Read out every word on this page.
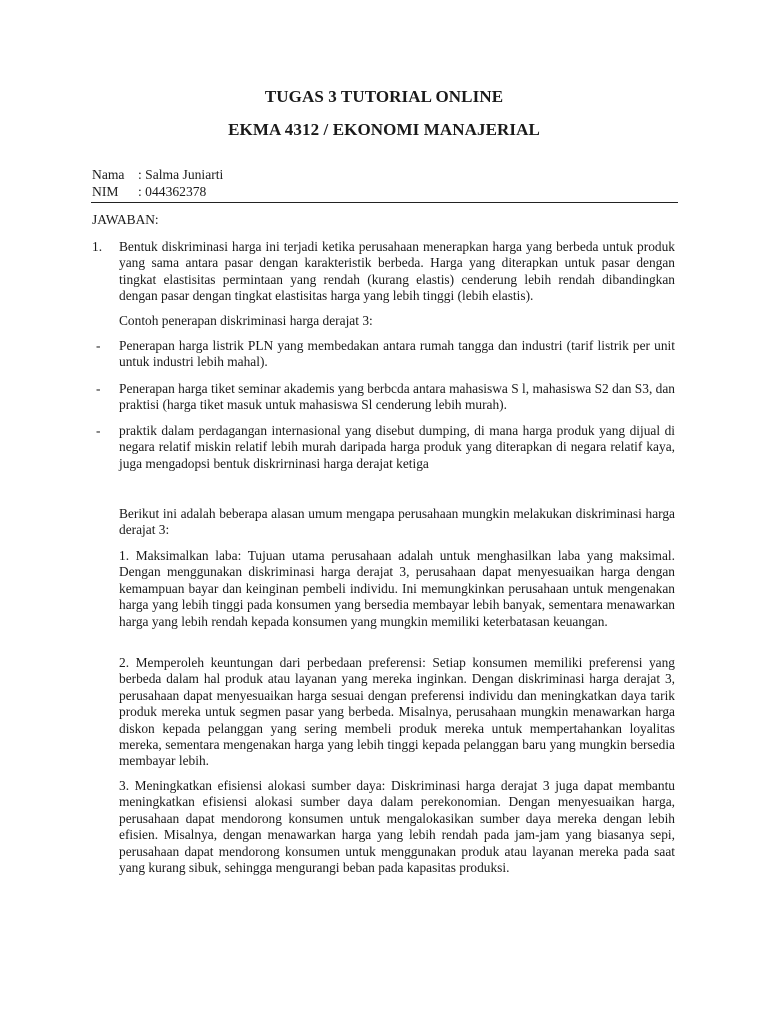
TUGAS 3 TUTORIAL ONLINE
EKMA 4312 / EKONOMI MANAJERIAL
Nama : Salma Juniarti
NIM : 044362378
JAWABAN:
1. Bentuk diskriminasi harga ini terjadi ketika perusahaan menerapkan harga yang berbeda untuk produk yang sama antara pasar dengan karakteristik berbeda. Harga yang diterapkan untuk pasar dengan tingkat elastisitas permintaan yang rendah (kurang elastis) cenderung lebih rendah dibandingkan dengan pasar dengan tingkat elastisitas harga yang lebih tinggi (lebih elastis).
Contoh penerapan diskriminasi harga derajat 3:
- Penerapan harga listrik PLN yang membedakan antara rumah tangga dan industri (tarif listrik per unit untuk industri lebih mahal).
- Penerapan harga tiket seminar akademis yang berbcda antara mahasiswa S l, mahasiswa S2 dan S3, dan praktisi (harga tiket masuk untuk mahasiswa Sl cenderung lebih murah).
- praktik dalam perdagangan internasional yang disebut dumping, di mana harga produk yang dijual di negara relatif miskin relatif lebih murah daripada harga produk yang diterapkan di negara relatif kaya, juga mengadopsi bentuk diskrirninasi harga derajat ketiga
Berikut ini adalah beberapa alasan umum mengapa perusahaan mungkin melakukan diskriminasi harga derajat 3:
1. Maksimalkan laba: Tujuan utama perusahaan adalah untuk menghasilkan laba yang maksimal. Dengan menggunakan diskriminasi harga derajat 3, perusahaan dapat menyesuaikan harga dengan kemampuan bayar dan keinginan pembeli individu. Ini memungkinkan perusahaan untuk mengenakan harga yang lebih tinggi pada konsumen yang bersedia membayar lebih banyak, sementara menawarkan harga yang lebih rendah kepada konsumen yang mungkin memiliki keterbatasan keuangan.
2. Memperoleh keuntungan dari perbedaan preferensi: Setiap konsumen memiliki preferensi yang berbeda dalam hal produk atau layanan yang mereka inginkan. Dengan diskriminasi harga derajat 3, perusahaan dapat menyesuaikan harga sesuai dengan preferensi individu dan meningkatkan daya tarik produk mereka untuk segmen pasar yang berbeda. Misalnya, perusahaan mungkin menawarkan harga diskon kepada pelanggan yang sering membeli produk mereka untuk mempertahankan loyalitas mereka, sementara mengenakan harga yang lebih tinggi kepada pelanggan baru yang mungkin bersedia membayar lebih.
3. Meningkatkan efisiensi alokasi sumber daya: Diskriminasi harga derajat 3 juga dapat membantu meningkatkan efisiensi alokasi sumber daya dalam perekonomian. Dengan menyesuaikan harga, perusahaan dapat mendorong konsumen untuk mengalokasikan sumber daya mereka dengan lebih efisien. Misalnya, dengan menawarkan harga yang lebih rendah pada jam-jam yang biasanya sepi, perusahaan dapat mendorong konsumen untuk menggunakan produk atau layanan mereka pada saat yang kurang sibuk, sehingga mengurangi beban pada kapasitas produksi.
